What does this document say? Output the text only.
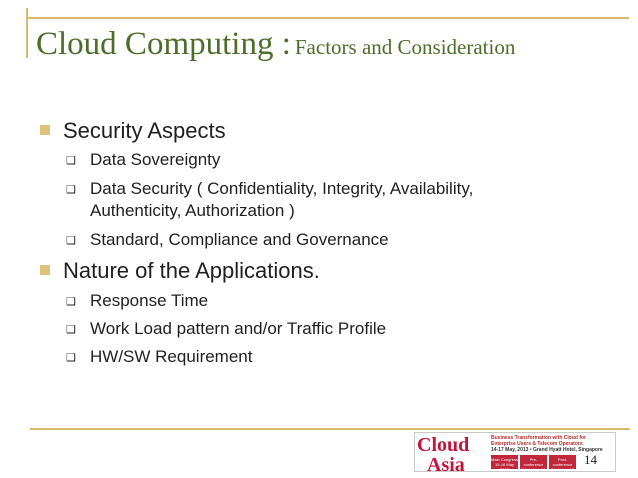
Cloud Computing : Factors and Consideration
Security Aspects
❑ Data Sovereignty
❑ Data Security ( Confidentiality, Integrity, Availability, Authenticity, Authorization )
❑ Standard, Compliance and Governance
Nature of the Applications.
❑ Response Time
❑ Work Load pattern and/or Traffic Profile
❑ HW/SW Requirement
Cloud
Asia
Business Transformation with Cloud for Enterprise Users & Telecom Operators
14-17 May, 2013 • Grand Hyatt Hotel, Singapore
Main Congress 15-16 May 2013
Pre-conference Workshop 14 May 2013
Post-conference Workshop 17 May 2013
14
